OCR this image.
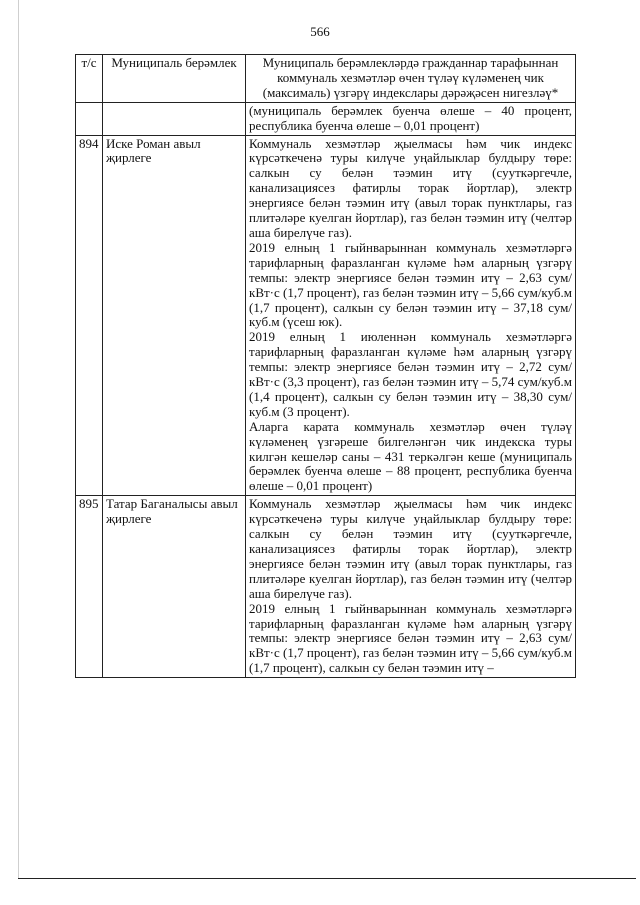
566
т/с	Муниципаль берәмлек	Муниципаль берәмлекләрдә гражданнар тарафыннан коммуналь хезмәтләр өчен түләү күләменең чик (максималь) үзгәрү индекслары дәрәҗәсен нигезләү*

		(муниципаль берәмлек буенча өлеше – 40 процент, республика буенча өлеше – 0,01 процент)

894	Иске Роман авыл җирлеге	Коммуналь хезмәтләр җыелмасы һәм чик индекс күрсәткеченә туры килүче уңайлыклар булдыру төре: салкын су белән тәэмин итү (сууткәргечле, канализациясез фатирлы торак йортлар), электр энергиясе белән тәэмин итү (авыл торак пунктлары, газ плитәләре куелган йортлар), газ белән тәэмин итү (челтәр аша бирелүче газ).

2019 елның 1 гыйнварыннан коммуналь хезмәтләргә тарифларның фаразланган күләме һәм аларның үзгәрү темпы: электр энергиясе белән тәэмин итү – 2,63 сум/кВт·с (1,7 процент), газ белән тәэмин итү – 5,66 сум/куб.м (1,7 процент), салкын су белән тәэмин итү – 37,18 сум/куб.м (үсеш юк).

2019 елның 1 июленнән коммуналь хезмәтләргә тарифларның фаразланган күләме һәм аларның үзгәрү темпы: электр энергиясе белән тәэмин итү – 2,72 сум/кВт·с (3,3 процент), газ белән тәэмин итү – 5,74 сум/куб.м (1,4 процент), салкын су белән тәэмин итү – 38,30 сум/куб.м (3 процент).

Аларга карата коммуналь хезмәтләр өчен түләү күләменең үзгәреше билгеләнгән чик индекска туры килгән кешеләр саны – 431 теркәлгән кеше (муниципаль берәмлек буенча өлеше – 88 процент, республика буенча өлеше – 0,01 процент)

895	Татар Баганалысы авыл җирлеге	Коммуналь хезмәтләр җыелмасы һәм чик индекс күрсәткеченә туры килүче уңайлыклар булдыру төре: салкын су белән тәэмин итү (сууткәргечле, канализациясез фатирлы торак йортлар), электр энергиясе белән тәэмин итү (авыл торак пунктлары, газ плитәләре куелган йортлар), газ белән тәэмин итү (челтәр аша бирелүче газ).

2019 елның 1 гыйнварыннан коммуналь хезмәтләргә тарифларның фаразланган күләме һәм аларның үзгәрү темпы: электр энергиясе белән тәэмин итү – 2,63 сум/кВт·с (1,7 процент), газ белән тәэмин итү – 5,66 сум/куб.м (1,7 процент), салкын су белән тәэмин итү –
